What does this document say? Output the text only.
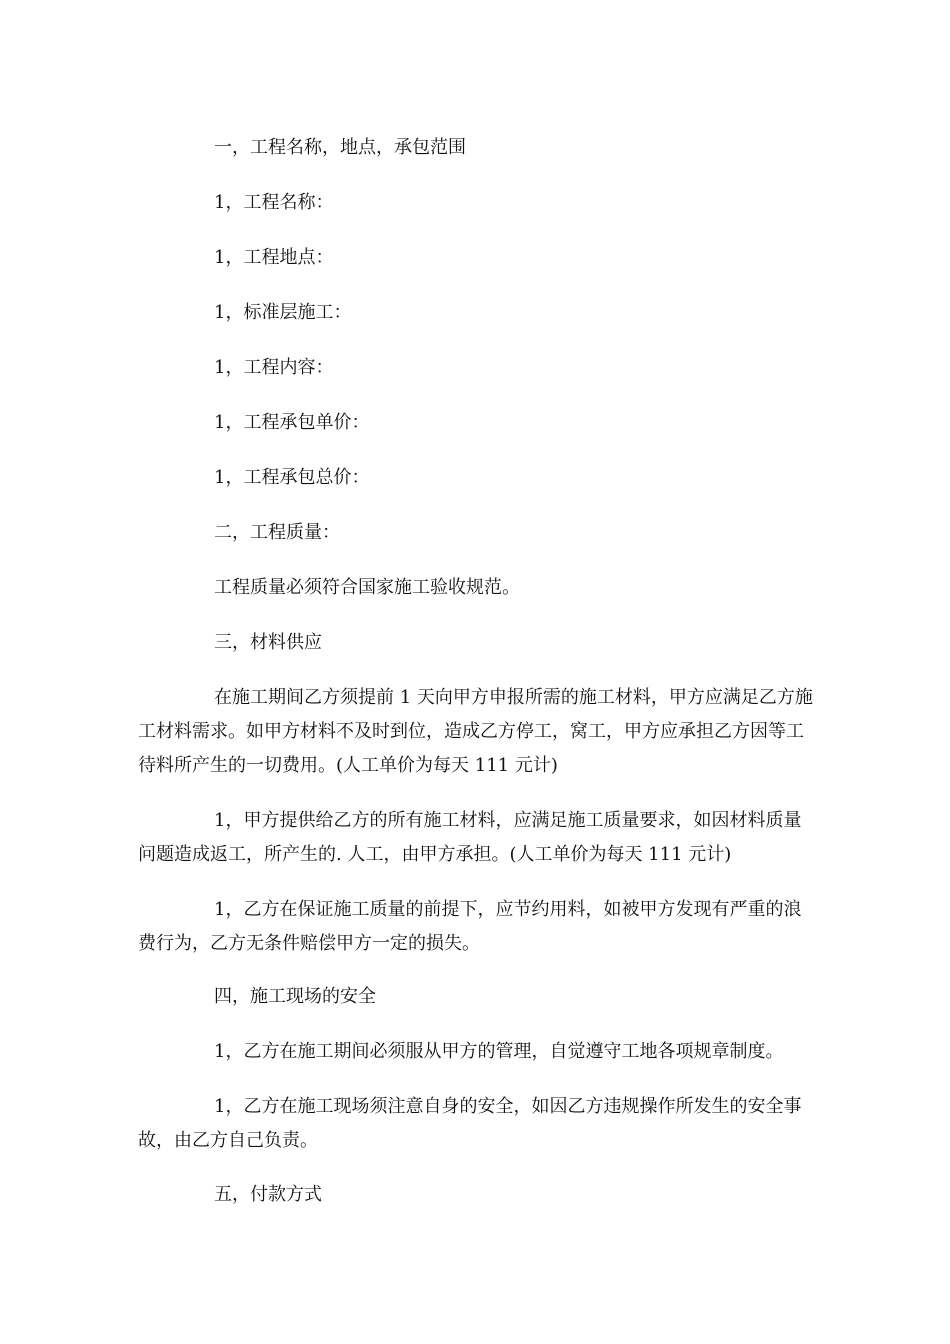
一，工程名称，地点，承包范围

1，工程名称：

1，工程地点：

1，标准层施工：

1，工程内容：

1，工程承包单价：

1，工程承包总价：

二，工程质量：

工程质量必须符合国家施工验收规范。

三，材料供应

在施工期间乙方须提前 1 天向甲方申报所需的施工材料，甲方应满足乙方施工材料需求。如甲方材料不及时到位，造成乙方停工，窝工，甲方应承担乙方因等工待料所产生的一切费用。(人工单价为每天 111 元计)

1，甲方提供给乙方的所有施工材料，应满足施工质量要求，如因材料质量问题造成返工，所产生的. 人工，由甲方承担。(人工单价为每天 111 元计)

1，乙方在保证施工质量的前提下，应节约用料，如被甲方发现有严重的浪费行为，乙方无条件赔偿甲方一定的损失。

四，施工现场的安全

1，乙方在施工期间必须服从甲方的管理，自觉遵守工地各项规章制度。

1，乙方在施工现场须注意自身的安全，如因乙方违规操作所发生的安全事故，由乙方自己负责。

五，付款方式
